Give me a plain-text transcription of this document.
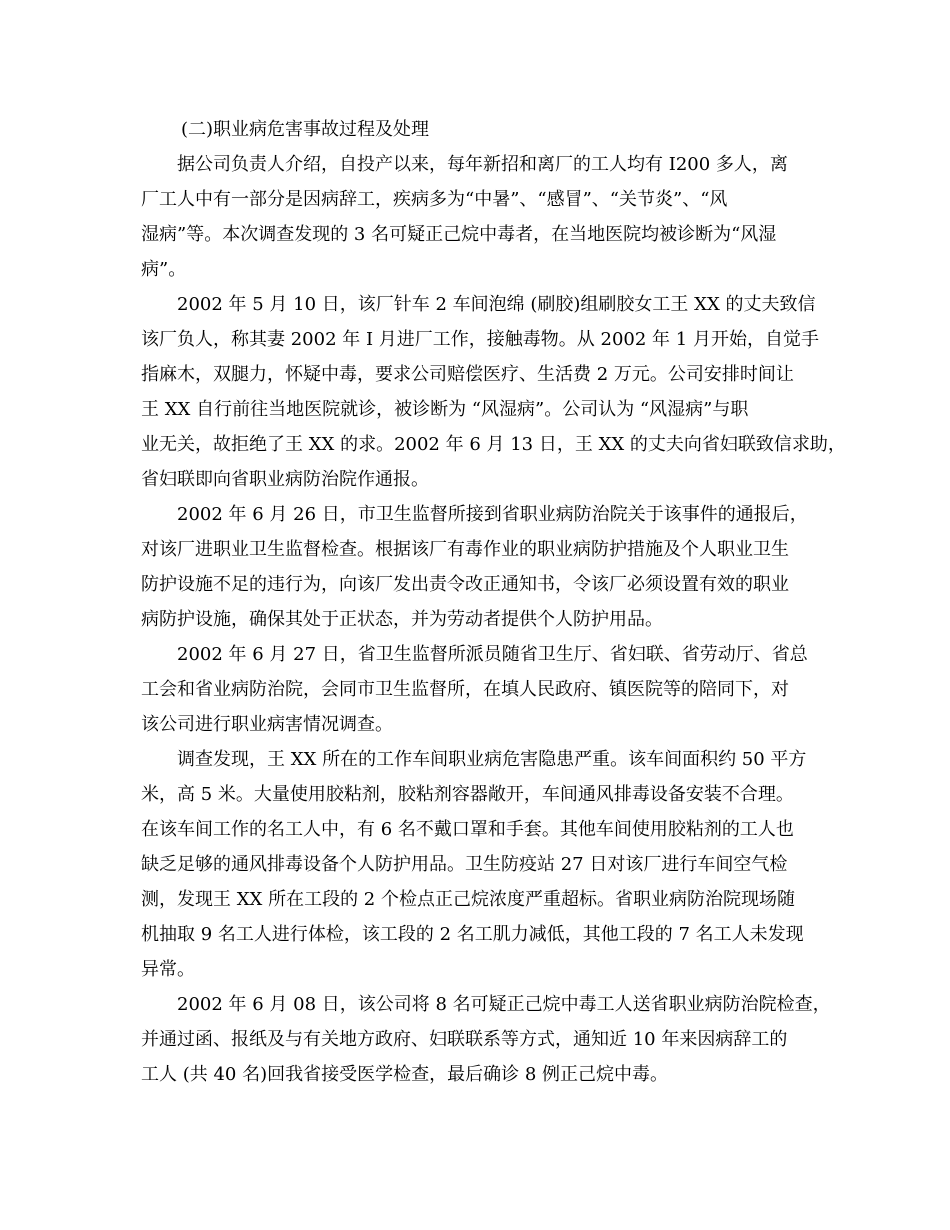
(二)职业病危害事故过程及处理

据公司负责人介绍，自投产以来，每年新招和离厂的工人均有 I200 多人，离
厂工人中有一部分是因病辞工，疾病多为“中暑”、“感冒”、“关节炎”、“风
湿病”等。本次调查发现的 3 名可疑正己烷中毒者，在当地医院均被诊断为“风湿
病”。

2002 年 5 月 10 日，该厂针车 2 车间泡绵 (刷胶)组刷胶女工王 XX 的丈夫致信
该厂负人，称其妻 2002 年 I 月进厂工作，接触毒物。从 2002 年 1 月开始，自觉手
指麻木，双腿力，怀疑中毒，要求公司赔偿医疗、生活费 2 万元。公司安排时间让
王 XX 自行前往当地医院就诊，被诊断为 “风湿病”。公司认为 “风湿病”与职
业无关，故拒绝了王 XX 的求。2002 年 6 月 13 日，王 XX 的丈夫向省妇联致信求助，
省妇联即向省职业病防治院作通报。

2002 年 6 月 26 日，市卫生监督所接到省职业病防治院关于该事件的通报后，
对该厂进职业卫生监督检查。根据该厂有毒作业的职业病防护措施及个人职业卫生
防护设施不足的违行为，向该厂发出责令改正通知书，令该厂必须设置有效的职业
病防护设施，确保其处于正状态，并为劳动者提供个人防护用品。

2002 年 6 月 27 日，省卫生监督所派员随省卫生厅、省妇联、省劳动厅、省总
工会和省业病防治院，会同市卫生监督所，在填人民政府、镇医院等的陪同下，对
该公司进行职业病害情况调查。

调查发现，王 XX 所在的工作车间职业病危害隐患严重。该车间面积约 50 平方
米，高 5 米。大量使用胶粘剂，胶粘剂容器敞开，车间通风排毒设备安装不合理。
在该车间工作的名工人中，有 6 名不戴口罩和手套。其他车间使用胶粘剂的工人也
缺乏足够的通风排毒设备个人防护用品。卫生防疫站 27 日对该厂进行车间空气检
测，发现王 XX 所在工段的 2 个检点正己烷浓度严重超标。省职业病防治院现场随
机抽取 9 名工人进行体检，该工段的 2 名工肌力减低，其他工段的 7 名工人未发现
异常。

2002 年 6 月 08 日，该公司将 8 名可疑正己烷中毒工人送省职业病防治院检查，
并通过函、报纸及与有关地方政府、妇联联系等方式，通知近 10 年来因病辞工的
工人 (共 40 名)回我省接受医学检查，最后确诊 8 例正己烷中毒。
